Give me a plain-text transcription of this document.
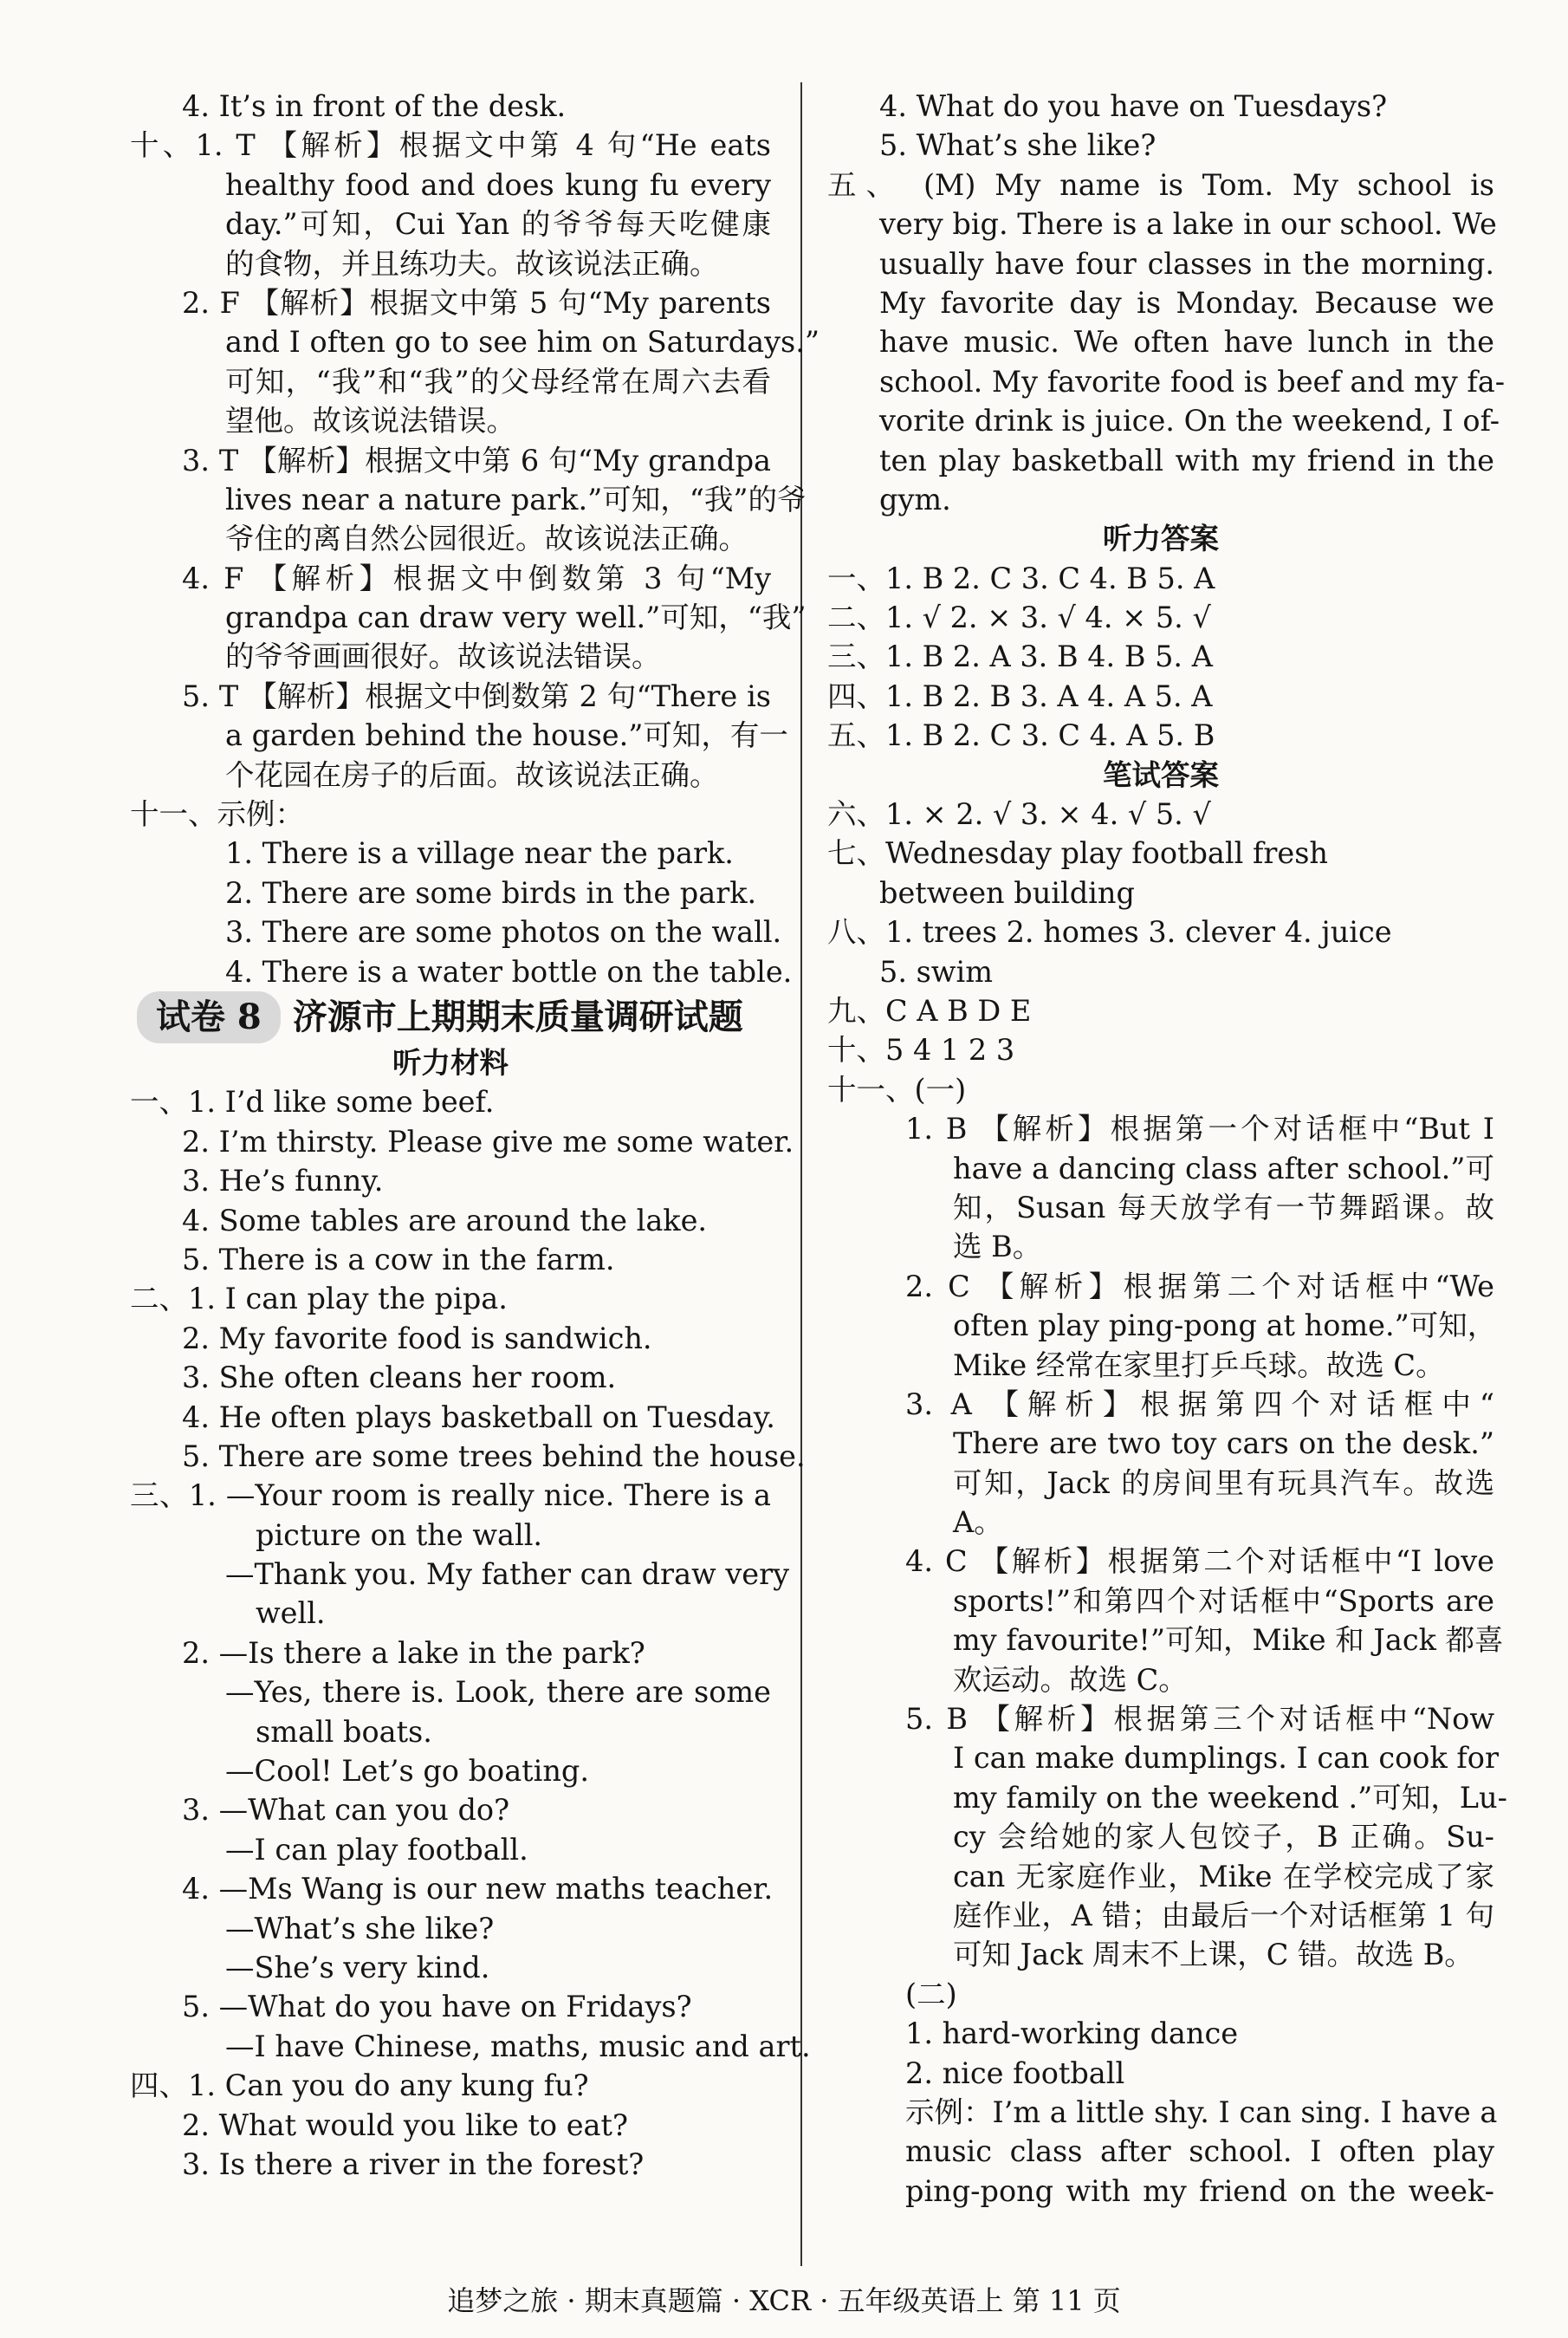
4. It’s in front of the desk.
十、1. T 【解析】根据文中第 4 句“He eats
healthy food and does kung fu every
day.”可知，Cui Yan 的爷爷每天吃健康
的食物，并且练功夫。故该说法正确。
2. F 【解析】根据文中第 5 句“My parents
and I often go to see him on Saturdays.”
可知，“我”和“我”的父母经常在周六去看
望他。故该说法错误。
3. T 【解析】根据文中第 6 句“My grandpa
lives near a nature park.”可知，“我”的爷
爷住的离自然公园很近。故该说法正确。
4. F 【解析】根据文中倒数第 3 句“My
grandpa can draw very well.”可知，“我”
的爷爷画画很好。故该说法错误。
5. T 【解析】根据文中倒数第 2 句“There is
a garden behind the house.”可知，有一
个花园在房子的后面。故该说法正确。
十一、示例：
1. There is a village near the park.
2. There are some birds in the park.
3. There are some photos on the wall.
4. There is a water bottle on the table.
试卷 8 济源市上期期末质量调研试题
听力材料
一、1. I’d like some beef.
2. I’m thirsty. Please give me some water.
3. He’s funny.
4. Some tables are around the lake.
5. There is a cow in the farm.
二、1. I can play the pipa.
2. My favorite food is sandwich.
3. She often cleans her room.
4. He often plays basketball on Tuesday.
5. There are some trees behind the house.
三、1. —Your room is really nice. There is a
picture on the wall.
—Thank you. My father can draw very
well.
2. —Is there a lake in the park?
—Yes, there is. Look, there are some
small boats.
—Cool! Let’s go boating.
3. —What can you do?
—I can play football.
4. —Ms Wang is our new maths teacher.
—What’s she like?
—She’s very kind.
5. —What do you have on Fridays?
—I have Chinese, maths, music and art.
四、1. Can you do any kung fu?
2. What would you like to eat?
3. Is there a river in the forest?
4. What do you have on Tuesdays?
5. What’s she like?
五、 (M) My name is Tom. My school is
very big. There is a lake in our school. We
usually have four classes in the morning.
My favorite day is Monday. Because we
have music. We often have lunch in the
school. My favorite food is beef and my fa-
vorite drink is juice. On the weekend, I of-
ten play basketball with my friend in the
gym.
听力答案
一、1. B 2. C 3. C 4. B 5. A
二、1. √ 2. × 3. √ 4. × 5. √
三、1. B 2. A 3. B 4. B 5. A
四、1. B 2. B 3. A 4. A 5. A
五、1. B 2. C 3. C 4. A 5. B
笔试答案
六、1. × 2. √ 3. × 4. √ 5. √
七、Wednesday play football fresh
between building
八、1. trees 2. homes 3. clever 4. juice
5. swim
九、C A B D E
十、5 4 1 2 3
十一、(一)
1. B 【解析】根据第一个对话框中“But I
have a dancing class after school.”可
知，Susan 每天放学有一节舞蹈课。故
选 B。
2. C 【解析】根据第二个对话框中“We
often play ping-pong at home.”可知，
Mike 经常在家里打乒乓球。故选 C。
3. A 【解析】根据第四个对话框中“
There are two toy cars on the desk.”
可知，Jack 的房间里有玩具汽车。故选
A。
4. C 【解析】根据第二个对话框中“I love
sports!”和第四个对话框中“Sports are
my favourite!”可知，Mike 和 Jack 都喜
欢运动。故选 C。
5. B 【解析】根据第三个对话框中“Now
I can make dumplings. I can cook for
my family on the weekend .”可知，Lu-
cy 会给她的家人包饺子，B 正确。Su-
can 无家庭作业，Mike 在学校完成了家
庭作业，A 错；由最后一个对话框第 1 句
可知 Jack 周末不上课，C 错。故选 B。
(二)
1. hard-working dance
2. nice football
示例：I’m a little shy. I can sing. I have a
music class after school. I often play
ping-pong with my friend on the week-
追梦之旅 · 期末真题篇 · XCR · 五年级英语上 第 11 页
